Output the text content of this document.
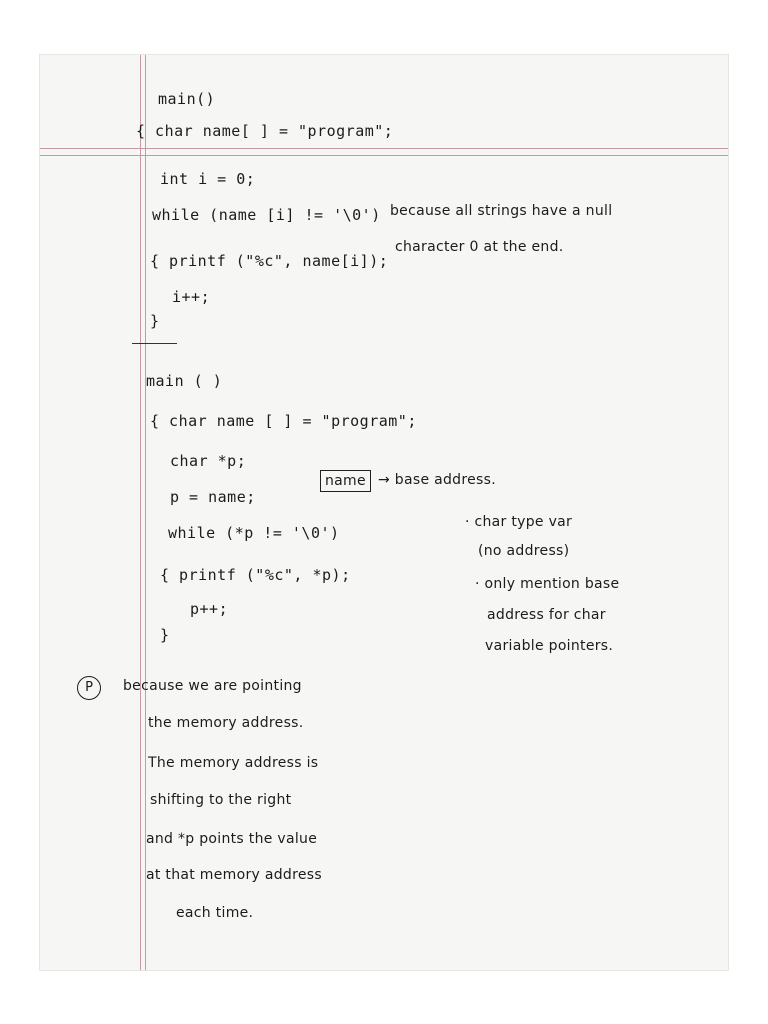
main()
{ char name[ ] = "program";
int i = 0;
while (name [i] != '\0')
{ printf ("%c", name[i]);
i++;
}
because all strings have a null
character 0 at the end.
main ( )
{ char name [ ] = "program";
char *p;
p = name;
while (*p != '\0')
{ printf ("%c", *p);
p++;
}
name → base address.
· char type var
(no address)
· only mention base
address for char
variable pointers.
P	because we are pointing
the memory address.
The memory address is
shifting to the right
and *p points the value
at that memory address
each time.
